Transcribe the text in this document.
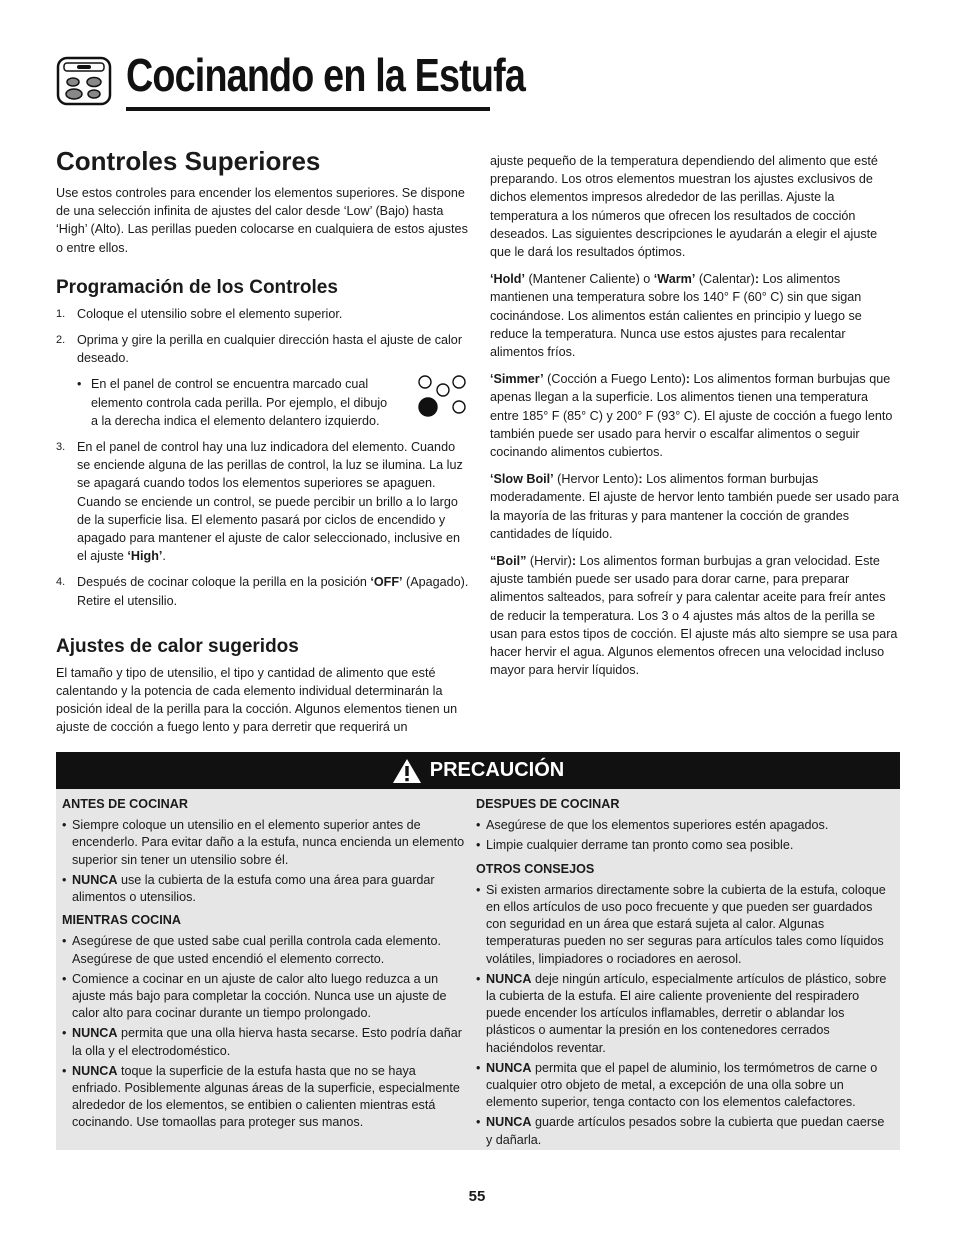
Cocinando en la Estufa
Controles Superiores

Use estos controles para encender los elementos superiores. Se dispone de una selección infinita de ajustes del calor desde ‘Low’ (Bajo) hasta ‘High’ (Alto). Las perillas pueden colocarse en cualquiera de estos ajustes o entre ellos.

Programación de los Controles
1. Coloque el utensilio sobre el elemento superior.
2. Oprima y gire la perilla en cualquier dirección hasta el ajuste de calor deseado.
• En el panel de control se encuentra marcado cual elemento controla cada perilla. Por ejemplo, el dibujo a la derecha indica el elemento delantero izquierdo.
3. En el panel de control hay una luz indicadora del elemento. Cuando se enciende alguna de las perillas de control, la luz se ilumina. La luz se apagará cuando todos los elementos superiores se apaguen. Cuando se enciende un control, se puede percibir un brillo a lo largo de la superficie lisa. El elemento pasará por ciclos de encendido y apagado para mantener el ajuste de calor seleccionado, inclusive en el ajuste ‘High’.
4. Después de cocinar coloque la perilla en la posición ‘OFF’ (Apagado). Retire el utensilio.
Ajustes de calor sugeridos

El tamaño y tipo de utensilio, el tipo y cantidad de alimento que esté calentando y la potencia de cada elemento individual determinarán la posición ideal de la perilla para la cocción. Algunos elementos tienen un ajuste de cocción a fuego lento y para derretir que requerirá un

ajuste pequeño de la temperatura dependiendo del alimento que esté preparando. Los otros elementos muestran los ajustes exclusivos de dichos elementos impresos alrededor de las perillas. Ajuste la temperatura a los números que ofrecen los resultados de cocción deseados. Las siguientes descripciones le ayudarán a elegir el ajuste que le dará los resultados óptimos.

‘Hold’ (Mantener Caliente) o ‘Warm’ (Calentar): Los alimentos mantienen una temperatura sobre los 140° F (60° C) sin que sigan cocinándose. Los alimentos están calientes en principio y luego se reduce la temperatura. Nunca use estos ajustes para recalentar alimentos fríos.

‘Simmer’ (Cocción a Fuego Lento): Los alimentos forman burbujas que apenas llegan a la superficie. Los alimentos tienen una temperatura entre 185° F (85° C) y 200° F (93° C). El ajuste de cocción a fuego lento también puede ser usado para hervir o escalfar alimentos o seguir cocinando alimentos cubiertos.

‘Slow Boil’ (Hervor Lento): Los alimentos forman burbujas moderadamente. El ajuste de hervor lento también puede ser usado para la mayoría de las frituras y para mantener la cocción de grandes cantidades de líquido.

“Boil” (Hervir): Los alimentos forman burbujas a gran velocidad. Este ajuste también puede ser usado para dorar carne, para preparar alimentos salteados, para sofreír y para calentar aceite para freír antes de reducir la temperatura. Los 3 o 4 ajustes más altos de la perilla se usan para estos tipos de cocción. El ajuste más alto siempre se usa para hacer hervir el agua. Algunos elementos ofrecen una velocidad incluso mayor para hervir líquidos.

PRECAUCIÓN
ANTES DE COCINAR
• Siempre coloque un utensilio en el elemento superior antes de encenderlo. Para evitar daño a la estufa, nunca encienda un elemento superior sin tener un utensilio sobre él.
• NUNCA use la cubierta de la estufa como una área para guardar alimentos o utensilios.
MIENTRAS COCINA
• Asegúrese de que usted sabe cual perilla controla cada elemento. Asegúrese de que usted encendió el elemento correcto.
• Comience a cocinar en un ajuste de calor alto luego reduzca a un ajuste más bajo para completar la cocción. Nunca use un ajuste de calor alto para cocinar durante un tiempo prolongado.
• NUNCA permita que una olla hierva hasta secarse. Esto podría dañar la olla y el electrodoméstico.
• NUNCA toque la superficie de la estufa hasta que no se haya enfriado. Posiblemente algunas áreas de la superficie, especialmente alrededor de los elementos, se entibien o calienten mientras está cocinando. Use tomaollas para proteger sus manos.
DESPUES DE COCINAR
• Asegúrese de que los elementos superiores estén apagados.
• Limpie cualquier derrame tan pronto como sea posible.
OTROS CONSEJOS
• Si existen armarios directamente sobre la cubierta de la estufa, coloque en ellos artículos de uso poco frecuente y que pueden ser guardados con seguridad en un área que estará sujeta al calor. Algunas temperaturas pueden no ser seguras para artículos tales como líquidos volátiles, limpiadores o rociadores en aerosol.
• NUNCA deje ningún artículo, especialmente artículos de plástico, sobre la cubierta de la estufa. El aire caliente proveniente del respiradero puede encender los artículos inflamables, derretir o ablandar los plásticos o aumentar la presión en los contenedores cerrados haciéndolos reventar.
• NUNCA permita que el papel de aluminio, los termómetros de carne o cualquier otro objeto de metal, a excepción de una olla sobre un elemento superior, tenga contacto con los elementos calefactores.
• NUNCA guarde artículos pesados sobre la cubierta que puedan caerse y dañarla.
55
